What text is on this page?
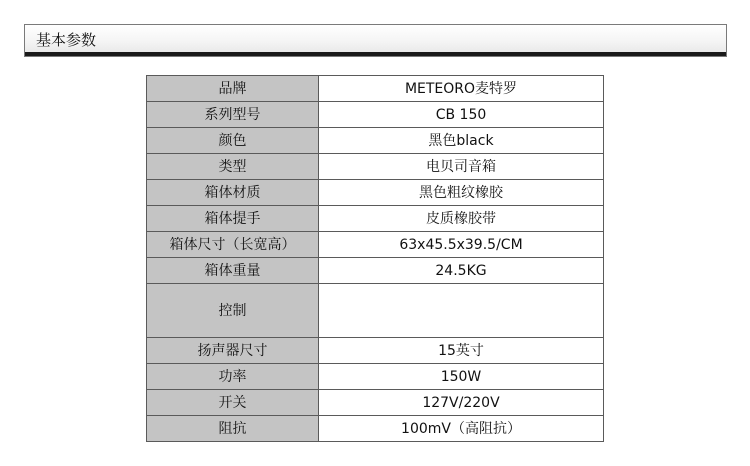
基本参数
品牌	METEORO麦特罗
系列型号	CB 150
颜色	黑色black
类型	电贝司音箱
箱体材质	黑色粗纹橡胶
箱体提手	皮质橡胶带
箱体尺寸（长宽高）	63x45.5x39.5/CM
箱体重量	24.5KG
控制	
扬声器尺寸	15英寸
功率	150W
开关	127V/220V
阻抗	100mV（高阻抗）
